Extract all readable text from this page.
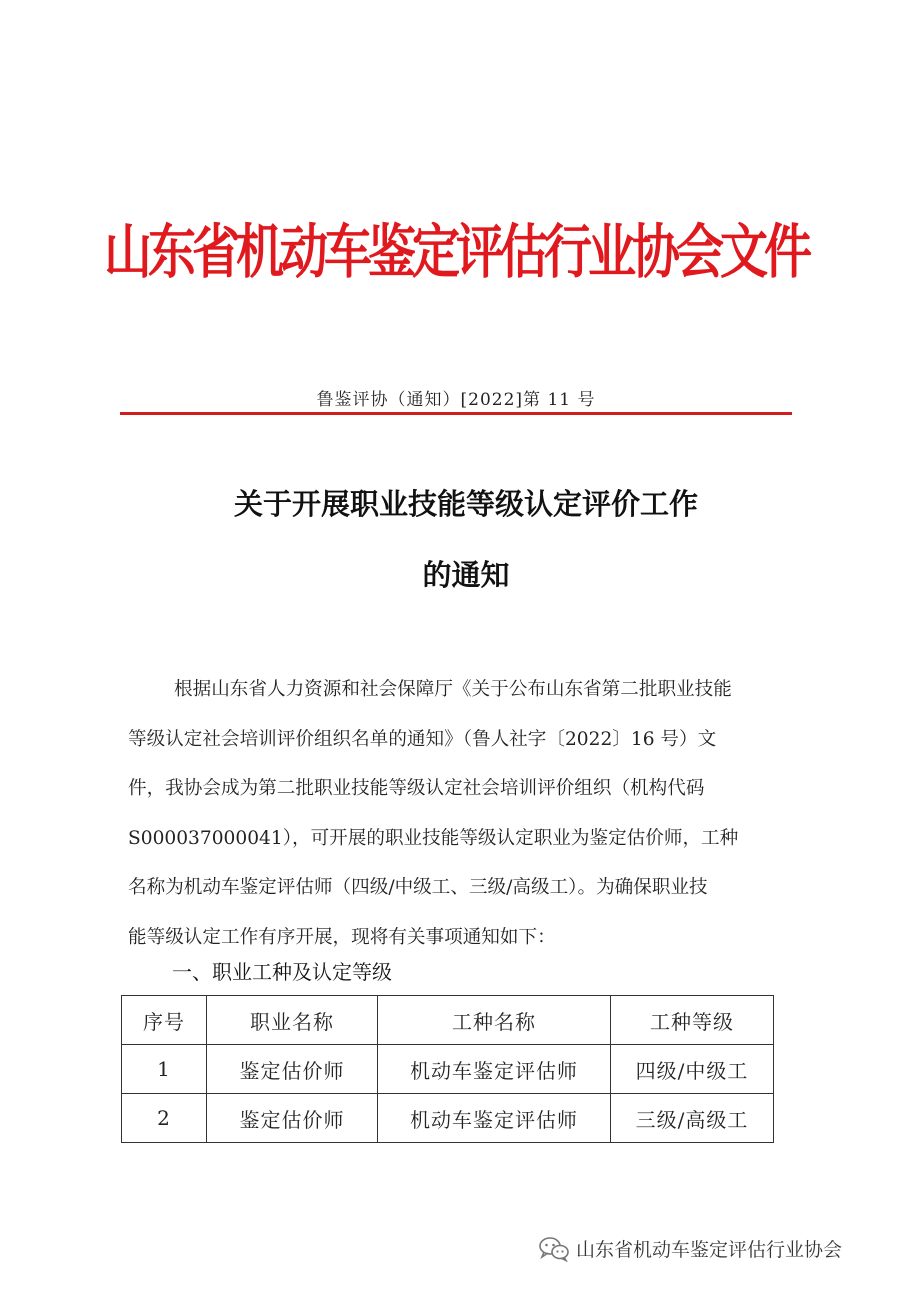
山东省机动车鉴定评估行业协会文件
鲁鉴评协（通知）[2022]第 11 号
关于开展职业技能等级认定评价工作
的通知
根据山东省人力资源和社会保障厅《关于公布山东省第二批职业技能
等级认定社会培训评价组织名单的通知》（鲁人社字〔2022〕16 号）文
件，我协会成为第二批职业技能等级认定社会培训评价组织（机构代码
S000037000041），可开展的职业技能等级认定职业为鉴定估价师，工种
名称为机动车鉴定评估师（四级/中级工、三级/高级工）。为确保职业技
能等级认定工作有序开展，现将有关事项通知如下：
一、职业工种及认定等级
序号	职业名称	工种名称	工种等级
1	鉴定估价师	机动车鉴定评估师	四级/中级工
2	鉴定估价师	机动车鉴定评估师	三级/高级工
山东省机动车鉴定评估行业协会
